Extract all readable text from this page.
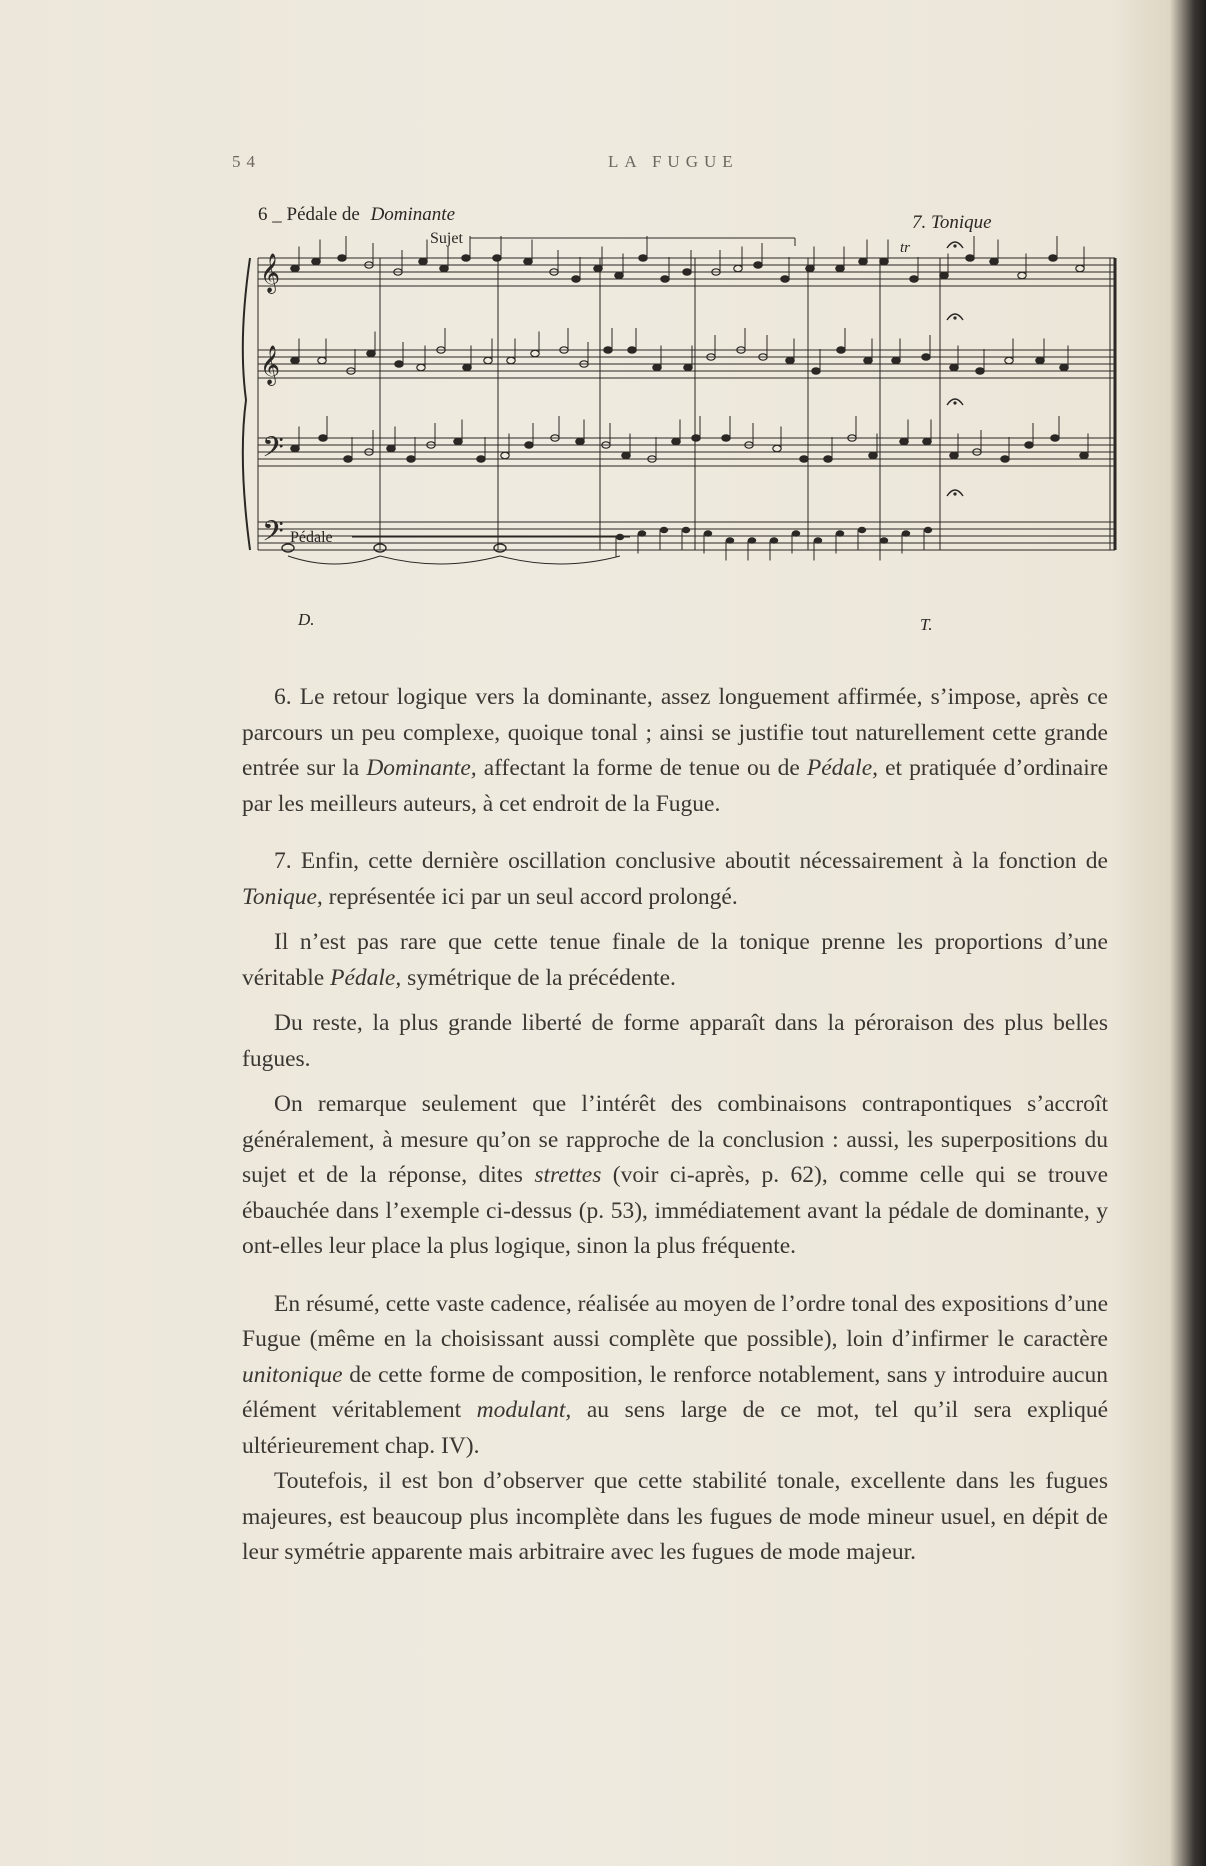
54	LA FUGUE
6 _ Pédale de Dominante
Sujet
7. Tonique
tr
Pédale
D.	T.
𝄞
𝄞
𝄢
𝄢

6. Le retour logique vers la dominante, assez longuement affirmée, s’impose, après ce parcours un peu complexe, quoique tonal ; ainsi se justifie tout naturellement cette grande entrée sur la Dominante, affectant la forme de tenue ou de Pédale, et pratiquée d’ordinaire par les meilleurs auteurs, à cet endroit de la Fugue.

7. Enfin, cette dernière oscillation conclusive aboutit nécessairement à la fonction de Tonique, représentée ici par un seul accord prolongé.

Il n’est pas rare que cette tenue finale de la tonique prenne les proportions d’une véritable Pédale, symétrique de la précédente.

Du reste, la plus grande liberté de forme apparaît dans la péroraison des plus belles fugues.

On remarque seulement que l’intérêt des combinaisons contrapontiques s’accroît généralement, à mesure qu’on se rapproche de la conclusion : aussi, les superpositions du sujet et de la réponse, dites strettes (voir ci-après, p. 62), comme celle qui se trouve ébauchée dans l’exemple ci-dessus (p. 53), immédiatement avant la pédale de dominante, y ont-elles leur place la plus logique, sinon la plus fréquente.

En résumé, cette vaste cadence, réalisée au moyen de l’ordre tonal des expositions d’une Fugue (même en la choisissant aussi complète que possible), loin d’infirmer le caractère unitonique de cette forme de composition, le renforce notablement, sans y introduire aucun élément véritablement modulant, au sens large de ce mot, tel qu’il sera expliqué ultérieurement chap. IV).

Toutefois, il est bon d’observer que cette stabilité tonale, excellente dans les fugues majeures, est beaucoup plus incomplète dans les fugues de mode mineur usuel, en dépit de leur symétrie apparente mais arbitraire avec les fugues de mode majeur.
